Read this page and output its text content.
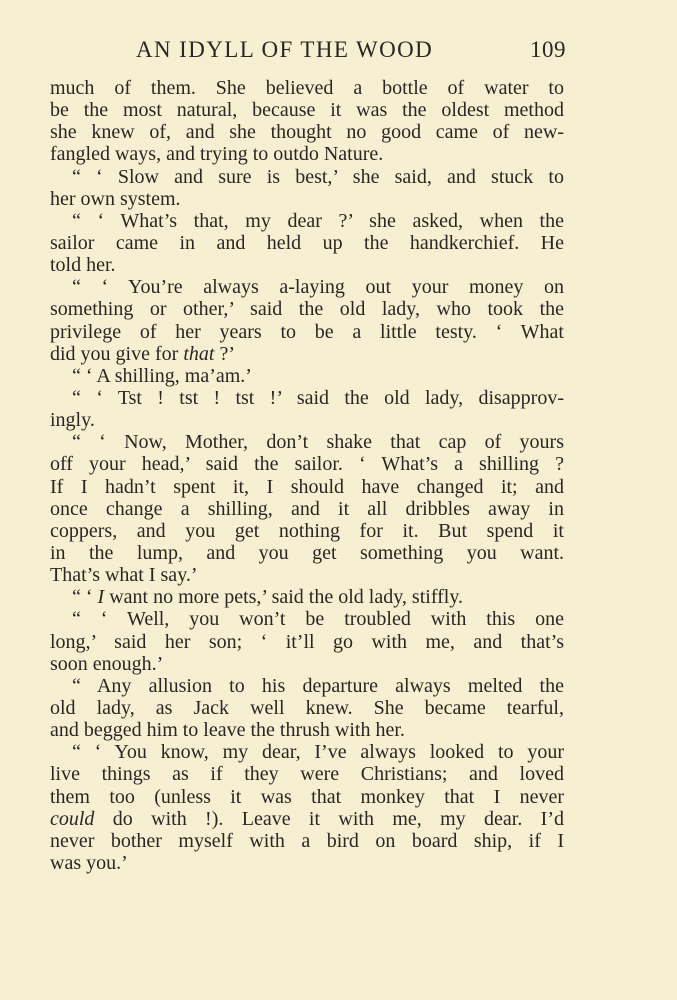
AN IDYLL OF THE WOOD	109
much of them. She believed a bottle of water to
be the most natural, because it was the oldest method
she knew of, and she thought no good came of new-
fangled ways, and trying to outdo Nature.
“ ‘ Slow and sure is best,’ she said, and stuck to
her own system.
“ ‘ What’s that, my dear ?’ she asked, when the
sailor came in and held up the handkerchief. He
told her.
“ ‘ You’re always a-laying out your money on
something or other,’ said the old lady, who took the
privilege of her years to be a little testy. ‘ What
did you give for that ?’
“ ‘ A shilling, ma’am.’
“ ‘ Tst ! tst ! tst !’ said the old lady, disapprov-
ingly.
“ ‘ Now, Mother, don’t shake that cap of yours
off your head,’ said the sailor. ‘ What’s a shilling ?
If I hadn’t spent it, I should have changed it; and
once change a shilling, and it all dribbles away in
coppers, and you get nothing for it. But spend it
in the lump, and you get something you want.
That’s what I say.’
“ ‘ I want no more pets,’ said the old lady, stiffly.
“ ‘ Well, you won’t be troubled with this one
long,’ said her son; ‘ it’ll go with me, and that’s
soon enough.’
“ Any allusion to his departure always melted the
old lady, as Jack well knew. She became tearful,
and begged him to leave the thrush with her.
“ ‘ You know, my dear, I’ve always looked to your
live things as if they were Christians; and loved
them too (unless it was that monkey that I never
could do with !). Leave it with me, my dear. I’d
never bother myself with a bird on board ship, if I
was you.’
